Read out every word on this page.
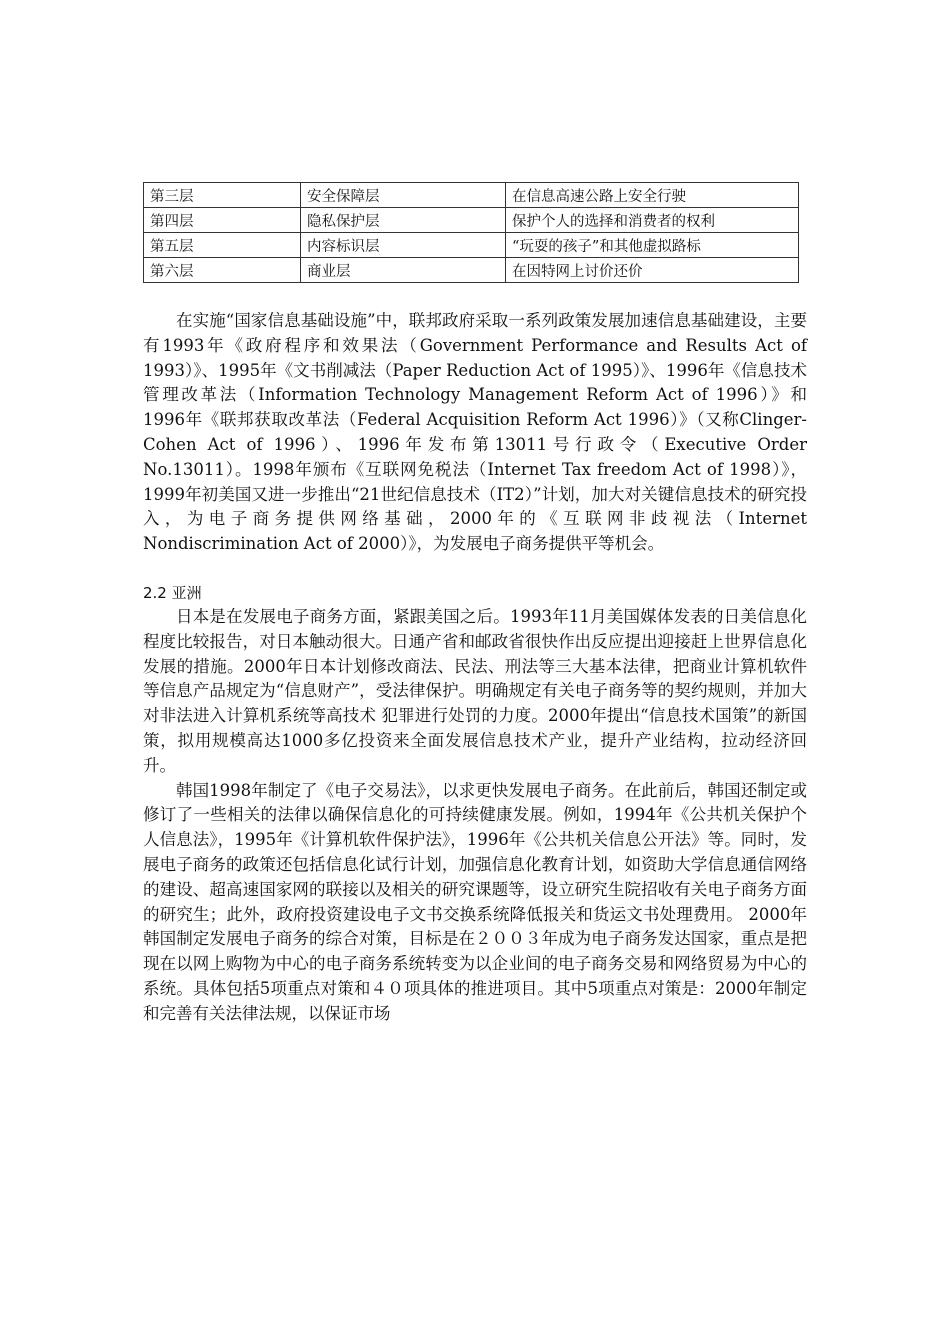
第三层	安全保障层	在信息高速公路上安全行驶
第四层	隐私保护层	保护个人的选择和消费者的权利
第五层	内容标识层	“玩耍的孩子”和其他虚拟路标
第六层	商业层	在因特网上讨价还价

在实施“国家信息基础设施”中，联邦政府采取一系列政策发展加速信息基础建设，主要有1993年《政府程序和效果法（Government Performance and Results Act of 1993）》、1995年《文书削减法（Paper Reduction Act of 1995）》、1996年《信息技术管理改革法（Information Technology Management Reform Act of 1996）》和1996年《联邦获取改革法（Federal Acquisition Reform Act 1996）》（又称Clinger-Cohen Act of 1996）、1996年发布第13011号行政令（Executive Order No.13011）。1998年颁布《互联网免税法（Internet Tax freedom Act of 1998）》，1999年初美国又进一步推出“21世纪信息技术（IT2）”计划，加大对关键信息技术的研究投入，为电子商务提供网络基础，2000年的《互联网非歧视法（Internet Nondiscrimination Act of 2000）》，为发展电子商务提供平等机会。

2.2 亚洲

日本是在发展电子商务方面，紧跟美国之后。1993年11月美国媒体发表的日美信息化程度比较报告，对日本触动很大。日通产省和邮政省很快作出反应提出迎接赶上世界信息化发展的措施。2000年日本计划修改商法、民法、刑法等三大基本法律，把商业计算机软件等信息产品规定为“信息财产”，受法律保护。明确规定有关电子商务等的契约规则，并加大对非法进入计算机系统等高技术 犯罪进行处罚的力度。2000年提出“信息技术国策”的新国策，拟用规模高达1000多亿投资来全面发展信息技术产业，提升产业结构，拉动经济回升。

韩国1998年制定了《电子交易法》，以求更快发展电子商务。在此前后，韩国还制定或修订了一些相关的法律以确保信息化的可持续健康发展。例如，1994年《公共机关保护个人信息法》，1995年《计算机软件保护法》，1996年《公共机关信息公开法》等。同时，发展电子商务的政策还包括信息化试行计划，加强信息化教育计划，如资助大学信息通信网络的建设、超高速国家网的联接以及相关的研究课题等，设立研究生院招收有关电子商务方面的研究生；此外，政府投资建设电子文书交换系统降低报关和货运文书处理费用。 2000年韩国制定发展电子商务的综合对策，目标是在２００３年成为电子商务发达国家，重点是把现在以网上购物为中心的电子商务系统转变为以企业间的电子商务交易和网络贸易为中心的系统。具体包括5项重点对策和４０项具体的推进项目。其中5项重点对策是：2000年制定和完善有关法律法规，以保证市场
